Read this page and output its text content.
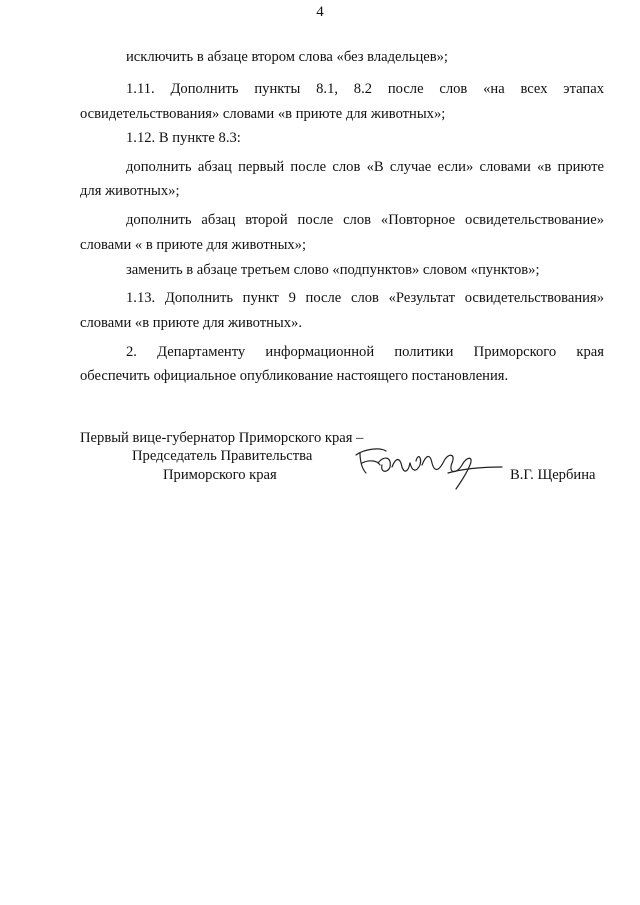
4
исключить в абзаце втором слова «без владельцев»;
1.11. Дополнить пункты 8.1, 8.2 после слов «на всех этапах
освидетельствования» словами «в приюте для животных»;
1.12. В пункте 8.3:
дополнить абзац первый после слов «В случае если» словами «в приюте
для животных»;
дополнить абзац второй после слов «Повторное освидетельствование»
словами « в приюте для животных»;
заменить в абзаце третьем слово «подпунктов» словом «пунктов»;
1.13. Дополнить пункт 9 после слов «Результат освидетельствования»
словами «в приюте для животных».
2. Департаменту информационной политики Приморского края
обеспечить официальное опубликование настоящего постановления.
Первый вице-губернатор Приморского края –
Председатель Правительства
Приморского края	В.Г. Щербина
